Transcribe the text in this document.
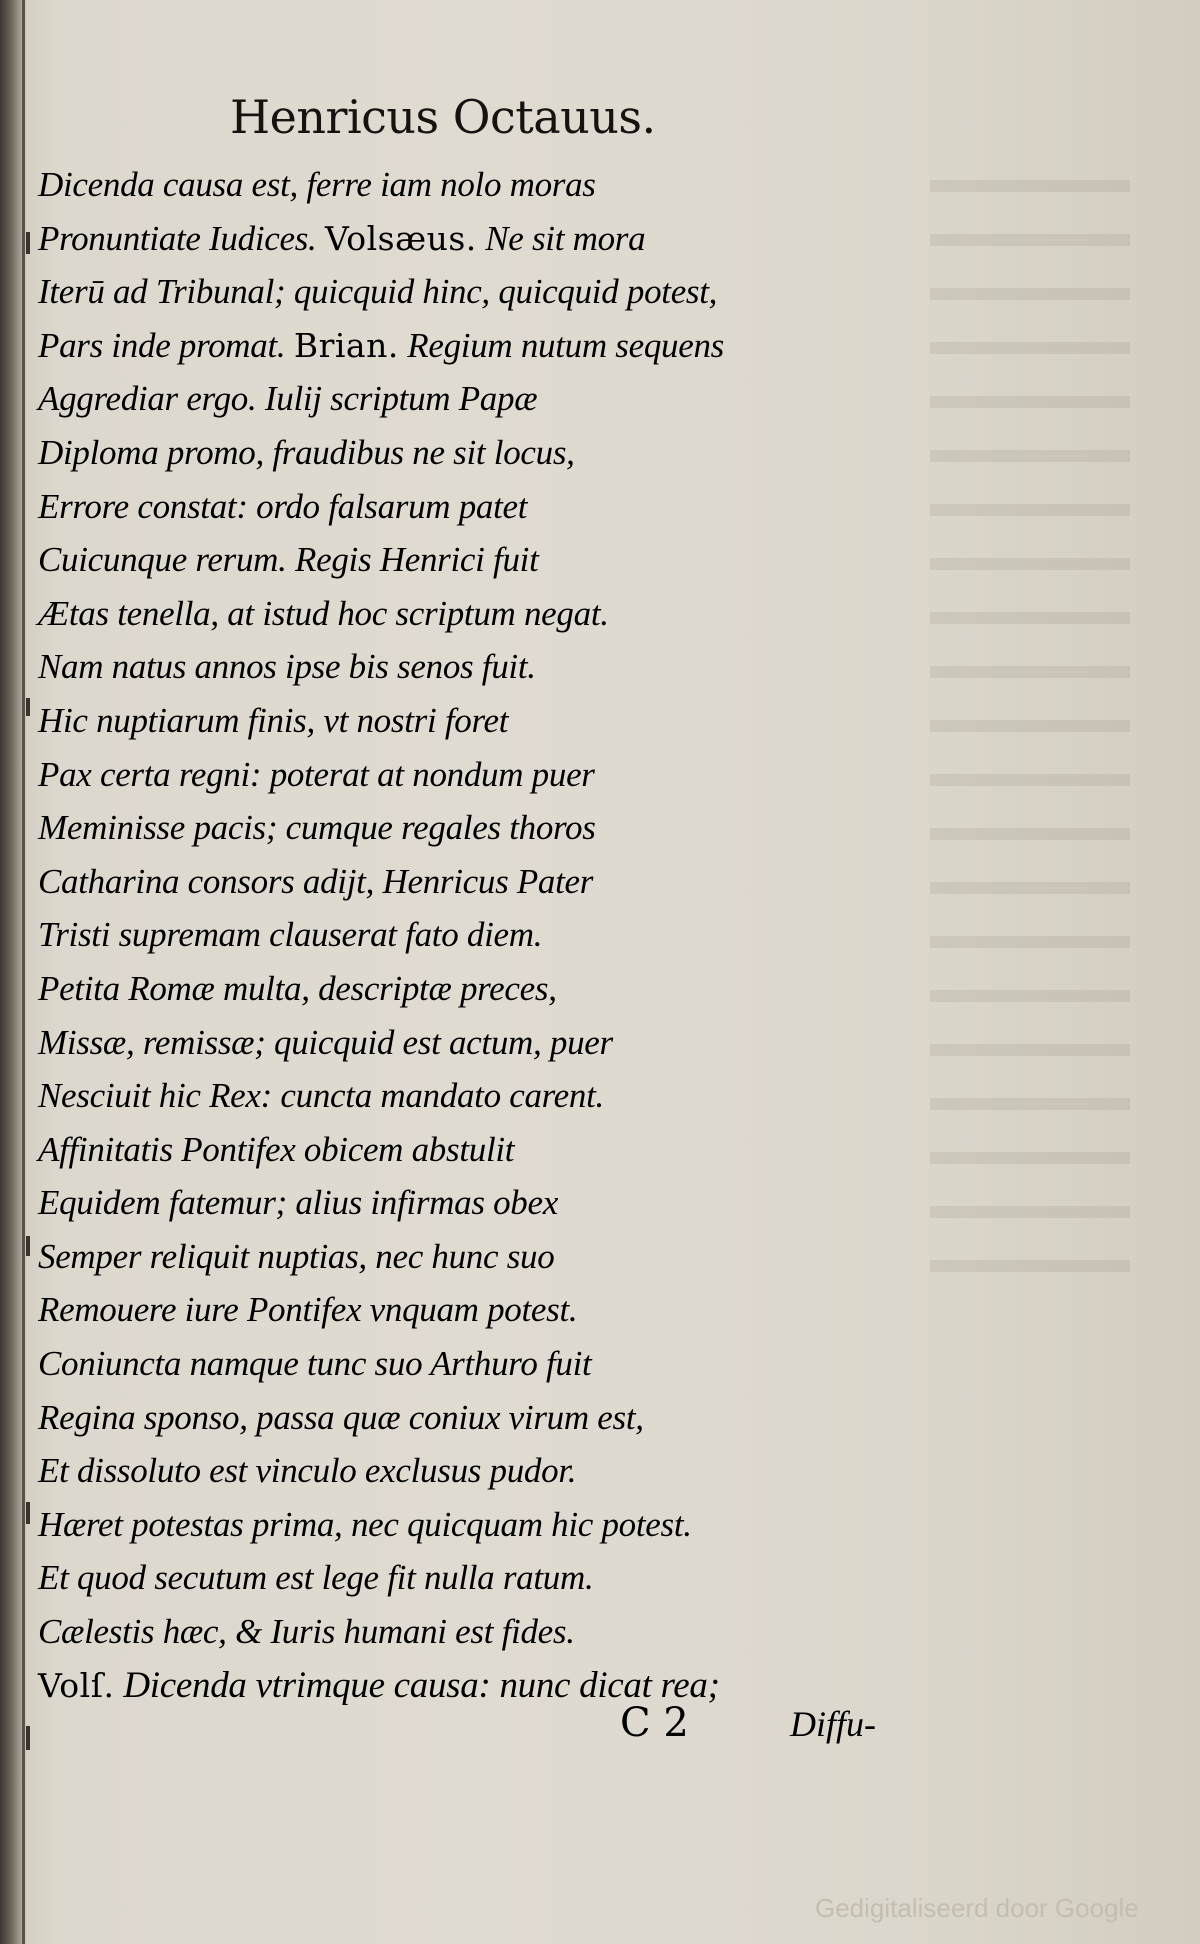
Henricus Octauus.
Dicenda causa est, ferre iam nolo moras
Pronuntiate Iudices. Volsæus. Ne sit mora
Iterū ad Tribunal; quicquid hinc, quicquid potest,
Pars inde promat. Brian. Regium nutum sequens
Aggrediar ergo. Iulij scriptum Papæ
Diploma promo, fraudibus ne sit locus,
Errore constat: ordo falsarum patet
Cuicunque rerum. Regis Henrici fuit
Ætas tenella, at istud hoc scriptum negat.
Nam natus annos ipse bis senos fuit.
Hic nuptiarum finis, vt nostri foret
Pax certa regni: poterat at nondum puer
Meminisse pacis; cumque regales thoros
Catharina consors adijt, Henricus Pater
Tristi supremam clauserat fato diem.
Petita Romæ multa, descriptæ preces,
Missæ, remissæ; quicquid est actum, puer
Nesciuit hic Rex: cuncta mandato carent.
Affinitatis Pontifex obicem abstulit
Equidem fatemur; alius infirmas obex
Semper reliquit nuptias, nec hunc suo
Remouere iure Pontifex vnquam potest.
Coniuncta namque tunc suo Arthuro fuit
Regina sponso, passa quæ coniux virum est,
Et dissoluto est vinculo exclusus pudor.
Hæret potestas prima, nec quicquam hic potest.
Et quod secutum est lege fit nulla ratum.
Cælestis hæc, & Iuris humani est fides.
Volſ. Dicenda vtrimque causa: nunc dicat rea;
C 2	Diffu-
Gedigitaliseerd door Google
